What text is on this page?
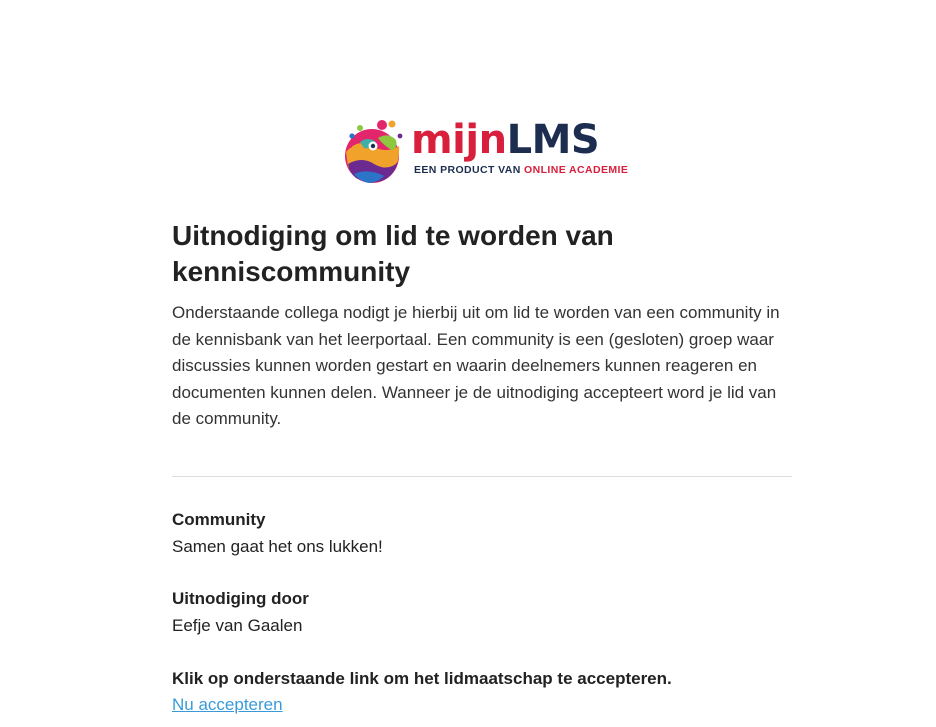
mijnLMS
EEN PRODUCT VAN ONLINE ACADEMIE
Uitnodiging om lid te worden van kenniscommunity

Onderstaande collega nodigt je hierbij uit om lid te worden van een community in de kennisbank van het leerportaal. Een community is een (gesloten) groep waar discussies kunnen worden gestart en waarin deelnemers kunnen reageren en documenten kunnen delen. Wanneer je de uitnodiging accepteert word je lid van de community.

Community
Samen gaat het ons lukken!
Uitnodiging door
Eefje van Gaalen
Klik op onderstaande link om het lidmaatschap te accepteren.
Nu accepteren
